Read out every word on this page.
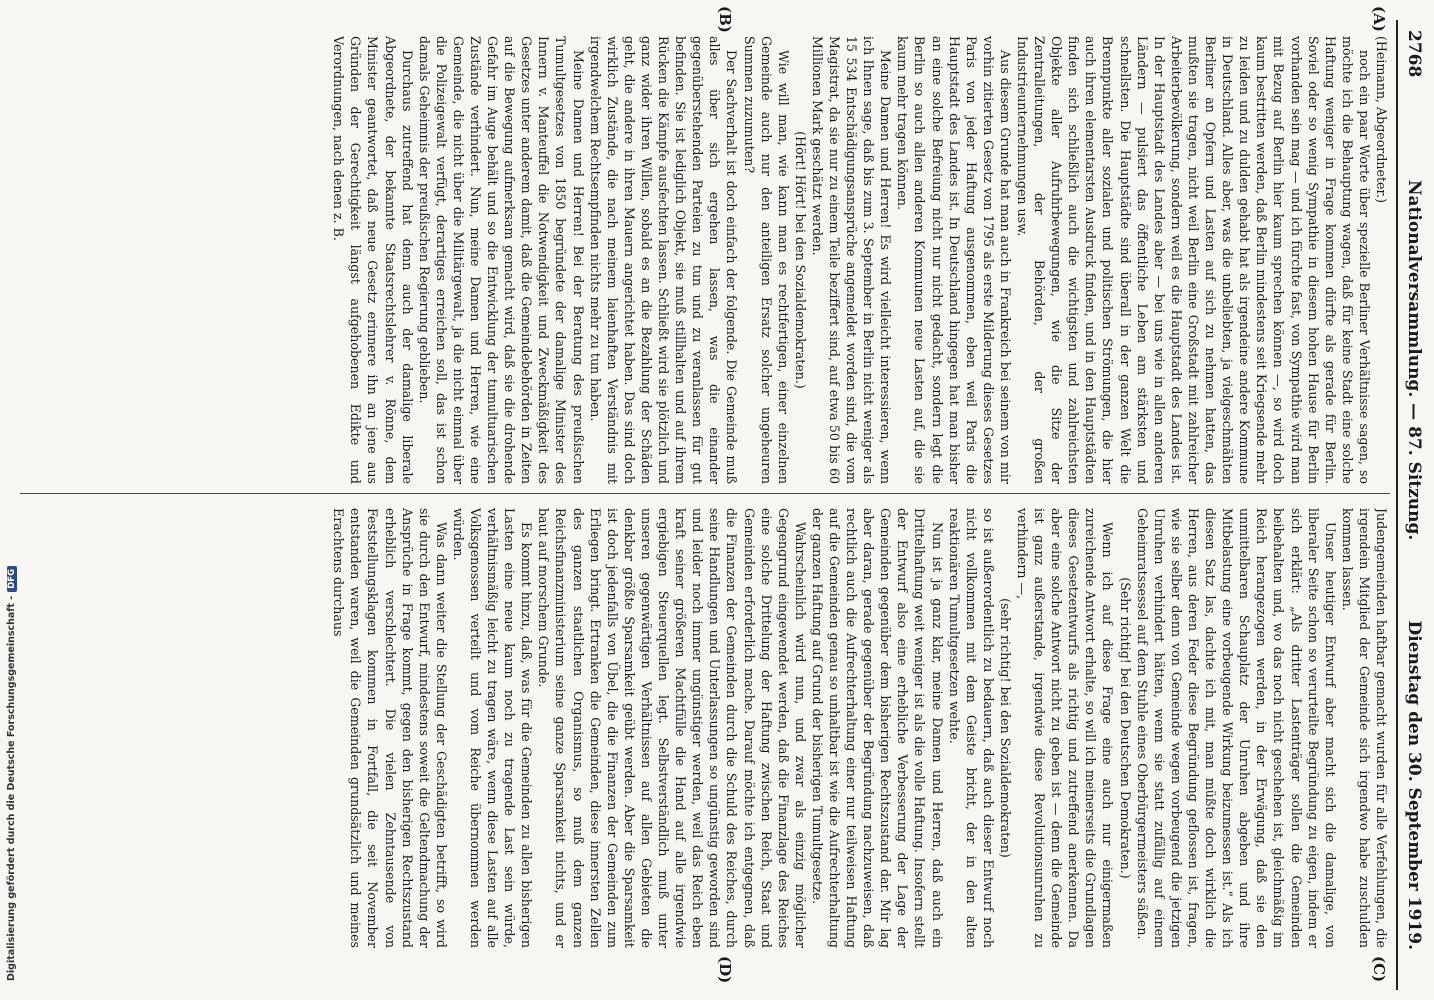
2768
Nationalversammlung. — 87. Sitzung.
Dienstag den 30. September 1919.
(A)
(B)
(C)
(D)

(Heimann, Abgeordneter.)

noch ein paar Worte über spezielle Berliner Verhältnisse sagen, so möchte ich die Behauptung wagen, daß für keine Stadt eine solche Haftung weniger in Frage kommen dürfte als gerade für Berlin. Soviel oder so wenig Sympathie in diesem hohen Hause für Berlin vorhanden sein mag — und ich fürchte fast, von Sympathie wird man mit Bezug auf Berlin hier kaum sprechen können —, so wird doch kaum bestritten werden, daß Berlin mindestens seit Kriegsende mehr zu leiden und zu dulden gehabt hat als irgendeine andere Kommune in Deutschland. Alles aber, was die unbeliebten, ja vielgeschmähten Berliner an Opfern und Lasten auf sich zu nehmen hatten, das mußten sie tragen, nicht weil Berlin eine Großstadt mit zahlreicher Arbeiterbevölkerung, sondern weil es die Hauptstadt des Landes ist. In der Hauptstadt des Landes aber — bei uns wie in allen anderen Ländern — pulsiert das öffentliche Leben am stärksten und schnellsten. Die Hauptstädte sind überall in der ganzen Welt die Brennpunkte aller sozialen und politischen Strömungen, die hier auch ihren elementarsten Ausdruck finden, und in den Hauptstädten finden sich schließlich auch die wichtigsten und zahlreichsten Objekte aller Aufruhrbewegungen, wie die Sitze der Zentralleitungen, der Behörden, der großen Industrieunternehmungen usw.

Aus diesem Grunde hat man auch in Frankreich bei seinem von mir vorhin zitierten Gesetz von 1795 als erste Milderung dieses Gesetzes Paris von jeder Haftung ausgenommen, eben weil Paris die Hauptstadt des Landes ist. In Deutschland hingegen hat man bisher an eine solche Befreiung nicht nur nicht gedacht, sondern legt die Berlin so auch allen anderen Kommunen neue Lasten auf, die sie kaum mehr tragen können.

Meine Damen und Herren! Es wird vielleicht interessieren, wenn ich Ihnen sage, daß bis zum 3. September in Berlin nicht weniger als 15 534 Entschädigungsansprüche angemeldet worden sind, die vom Magistrat, da sie nur zu einem Teile beziffert sind, auf etwa 50 bis 60 Millionen Mark geschätzt werden.

(Hört! Hört! bei den Sozialdemokraten.)

Wie will man, wie kann man es rechtfertigen, einer einzelnen Gemeinde auch nur den anteiligen Ersatz solcher ungeheuren Summen zuzumuten?

Der Sachverhalt ist doch einfach der folgende. Die Gemeinde muß alles über sich ergehen lassen, was die einander gegenüberstehenden Parteien zu tun und zu veranlassen für gut befinden. Sie ist lediglich Objekt, sie muß stillhalten und auf ihrem Rücken die Kämpfe ausfechten lassen. Schließt wird sie plötzlich und ganz wider ihren Willen, sobald es an die Bezahlung der Schäden geht, die andere in ihren Mauern angerichtet haben. Das sind doch wirklich Zustände, die nach meinem laienhaften Verständnis mit irgendwelchem Rechtsempfinden nichts mehr zu tun haben.

Meine Damen und Herren! Bei der Beratung des preußischen Tumultgesetzes von 1850 begründete der damalige Minister des Innern v. Manteuffel die Notwendigkeit und Zweckmäßigkeit des Gesetzes unter anderem damit, daß die Gemeindebehörden in Zeiten auf die Bewegung aufmerksam gemacht wird, daß sie die drohende Gefahr im Auge behält und so die Entwicklung der tumultuarischen Zustände verhindert. Nun, meine Damen und Herren, wie eine Gemeinde, die nicht über die Militärgewalt, ja die nicht einmal über die Polizeigewalt verfügt, derartiges erreichen soll, das ist schon damals Geheimnis der preußischen Regierung geblieben.

Durchaus zutreffend hat denn auch der damalige liberale Abgeordnete, der bekannte Staatsrechtslehrer v. Rönne, dem Minister geantwortet, daß neue Gesetz erinnere ihn an jene aus Gründen der Gerechtigkeit längst aufgehobenen Edikte und Verordnungen, nach denen z. B.

Judengemeinden haftbar gemacht wurden für alle Verfehlungen, die irgendein Mitglied der Gemeinde sich irgendwo habe zuschulden kommen lassen.

Unser heutiger Entwurf aber macht sich die damalige, von liberaler Seite schon so verurteilte Begründung zu eigen, indem er sich erklärt: „Als dritter Lastenträger sollen die Gemeinden beibehalten und, wo das noch nicht geschehen ist, gleichmäßig im Reich herangezogen werden, in der Erwägung, daß sie den unmittelbaren Schauplatz der Unruhen abgeben und ihre Mitbelastung eine vorbeugende Wirkung beizumessen ist.“ Als ich diesen Satz las, dachte ich mit, man müßte doch wirklich die Herren, aus deren Feder diese Begründung geflossen ist, fragen, wie sie selber denn von Gemeinde wegen vorbeugend die jetzigen Unruhen verhindert hätten, wenn sie statt zufällig auf einem Geheimratssessel auf dem Stuhle eines Oberbürgermeisters säßen.

(Sehr richtig! bei den Deutschen Demokraten.)

Wenn ich auf diese Frage eine auch nur einigermaßen zureichende Antwort erhalte, so will ich meinerseits die Grundlagen dieses Gesetzentwurfs als richtig und zutreffend anerkennen. Da aber eine solche Antwort nicht zu geben ist — denn die Gemeinde ist ganz außerstande, irgendwie diese Revolutionsunruhen zu verhindern —,

(sehr richtig! bei den Sozialdemokraten)

so ist außerordentlich zu bedauern, daß auch dieser Entwurf noch nicht vollkommen mit dem Geiste bricht, der in den alten reaktionären Tumultgesetzen wehte.

Nun ist ja ganz klar, meine Damen und Herren, daß auch ein Drittelhaftung weit weniger ist als die volle Haftung. Insofern stellt der Entwurf also eine erhebliche Verbesserung der Lage der Gemeinden gegenüber dem bisherigen Rechtszustand dar. Mir lag aber daran, gerade gegenüber der Begründung nachzuweisen, daß rechtlich auch die Aufrechterhaltung einer nur teilweisen Haftung auf die Gemeinden genau so unhaltbar ist wie die Aufrechterhaltung der ganzen Haftung auf Grund der bisherigen Tumultgesetze.

Wahrscheinlich wird nun, und zwar als einzig möglicher Gegengrund eingewendet werden, daß die Finanzlage des Reiches eine solche Drittelung der Haftung zwischen Reich, Staat und Gemeinden erforderlich mache. Darauf möchte ich entgegnen, daß die Finanzen der Gemeinden durch die Schuld des Reiches, durch seine Handlungen und Unterlassungen so ungünstig geworden sind und leider noch immer ungünstiger werden, weil das Reich eben kraft seiner größeren Machtfülle die Hand auf alle irgendwie ergiebigen Steuerquellen legt. Selbstverständlich muß unter unseren gegenwärtigen Verhältnissen auf allen Gebieten die denkbar größte Sparsamkeit geübt werden. Aber die Sparsamkeit ist doch jedenfalls von Übel, die die Finanzen der Gemeinden zum Erliegen bringt. Ertranken die Gemeinden, diese innersten Zellen des ganzen staatlichen Organismus, so muß dem ganzen Reichsfinanzministerium seine ganze Sparsamkeit nichts, und er baut auf morschem Grunde.

Es kommt hinzu, daß, was für die Gemeinden zu allen bisherigen Lasten eine neue kaum noch zu tragende Last sein würde, verhältnismäßig leicht zu tragen wäre, wenn diese Lasten auf alle Volksgenossen verteilt und vom Reiche übernommen werden würden.

Was dann weiter die Stellung der Geschädigten betrifft, so wird sie durch den Entwurf, mindestens soweit die Geltendmachung der Ansprüche in Frage kommt, gegen den bisherigen Rechtszustand erheblich verschlechtert. Die vielen Zehntausende von Feststellungsklagen kommen in Fortfall, die seit November entstanden waren, weil die Gemeinden grundsätzlich und meines Erachtens durchaus

Digitalisierung gefördert durch die Deutsche Forschungsgemeinschaft -DFG
